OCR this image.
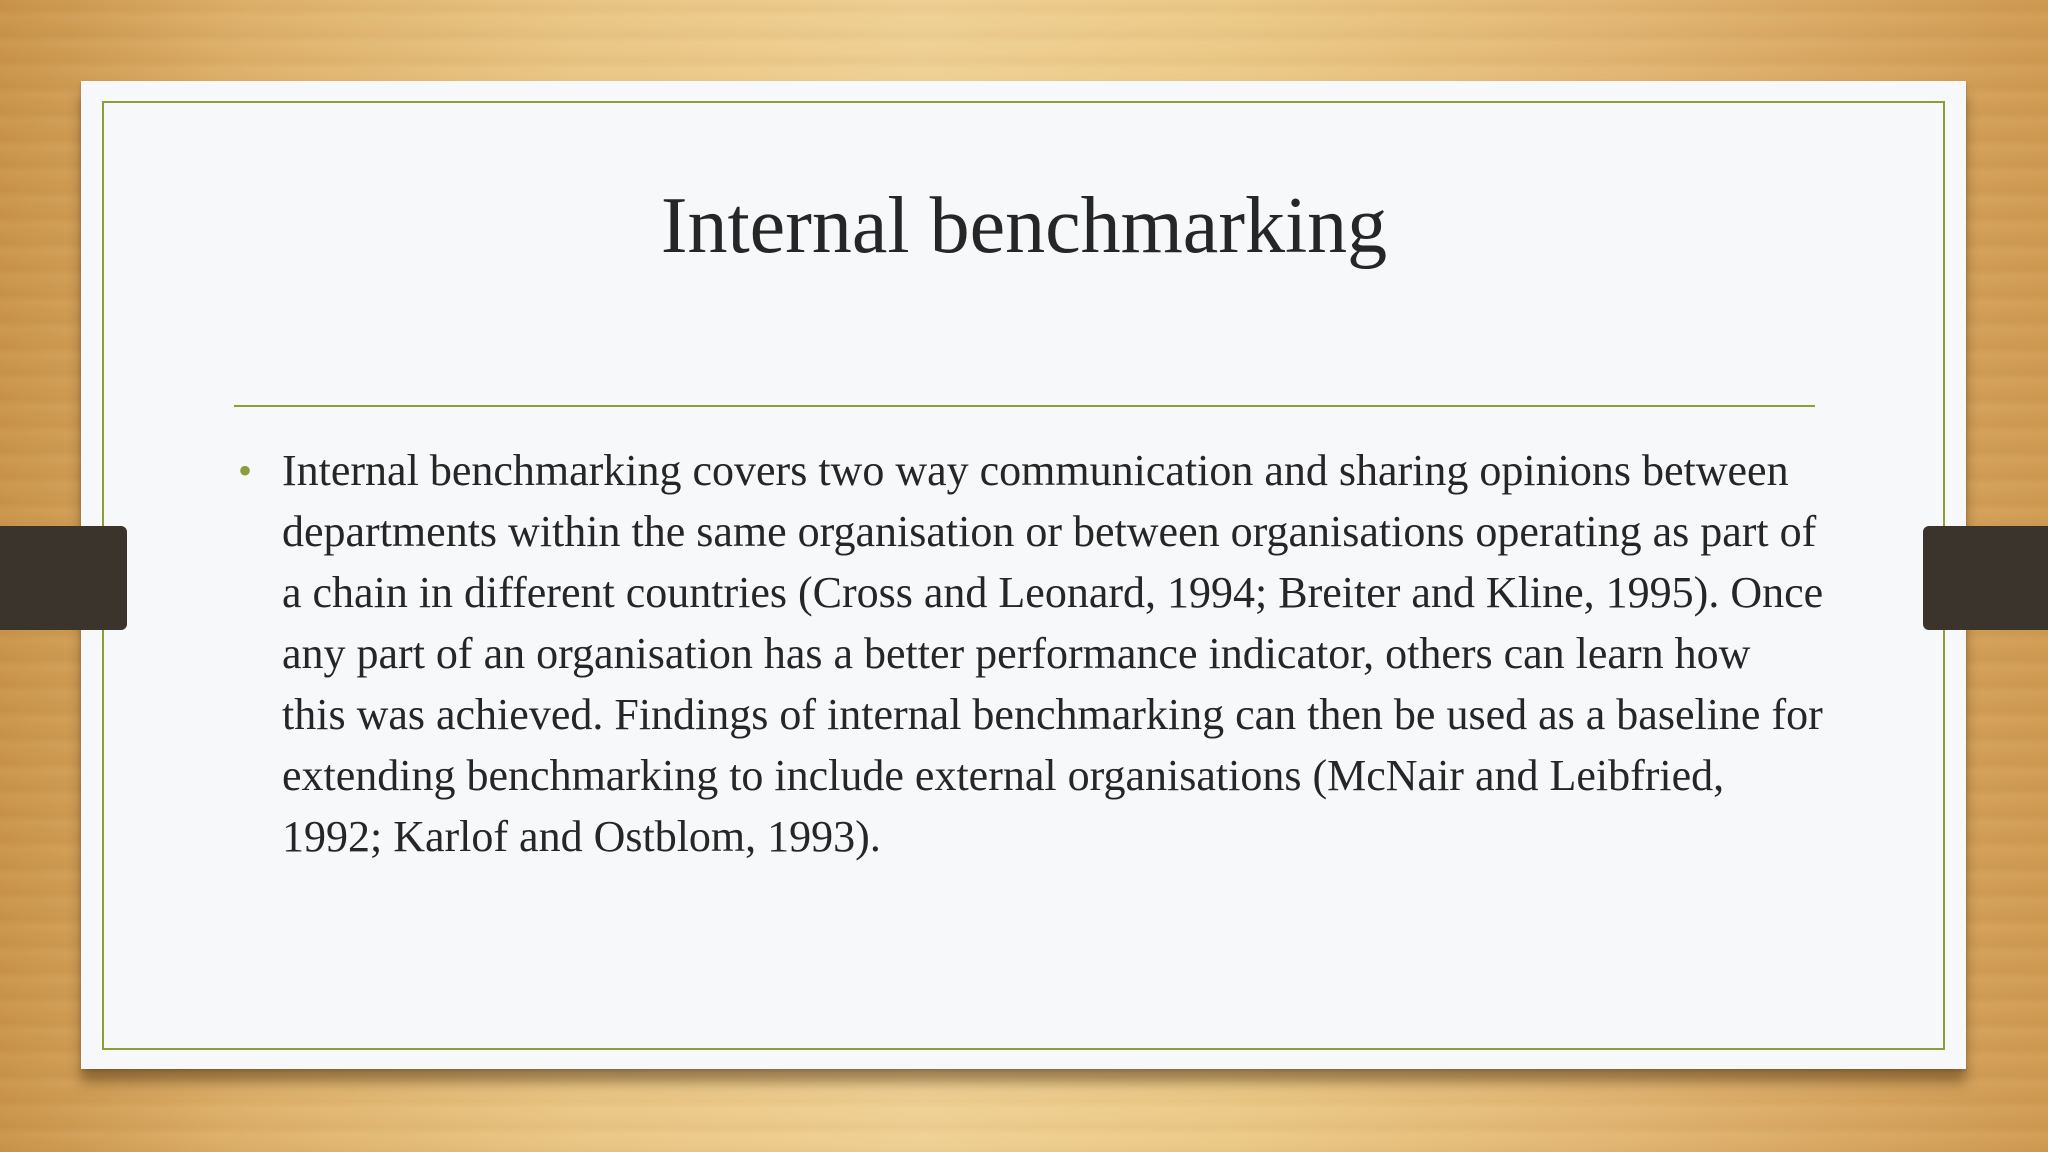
Internal benchmarking
• Internal benchmarking covers two way communication and sharing opinions between departments within the same organisation or between organisations operating as part of a chain in different countries (Cross and Leonard, 1994; Breiter and Kline, 1995). Once any part of an organisation has a better performance indicator, others can learn how this was achieved. Findings of internal benchmarking can then be used as a baseline for extending benchmarking to include external organisations (McNair and Leibfried, 1992; Karlof and Ostblom, 1993).
